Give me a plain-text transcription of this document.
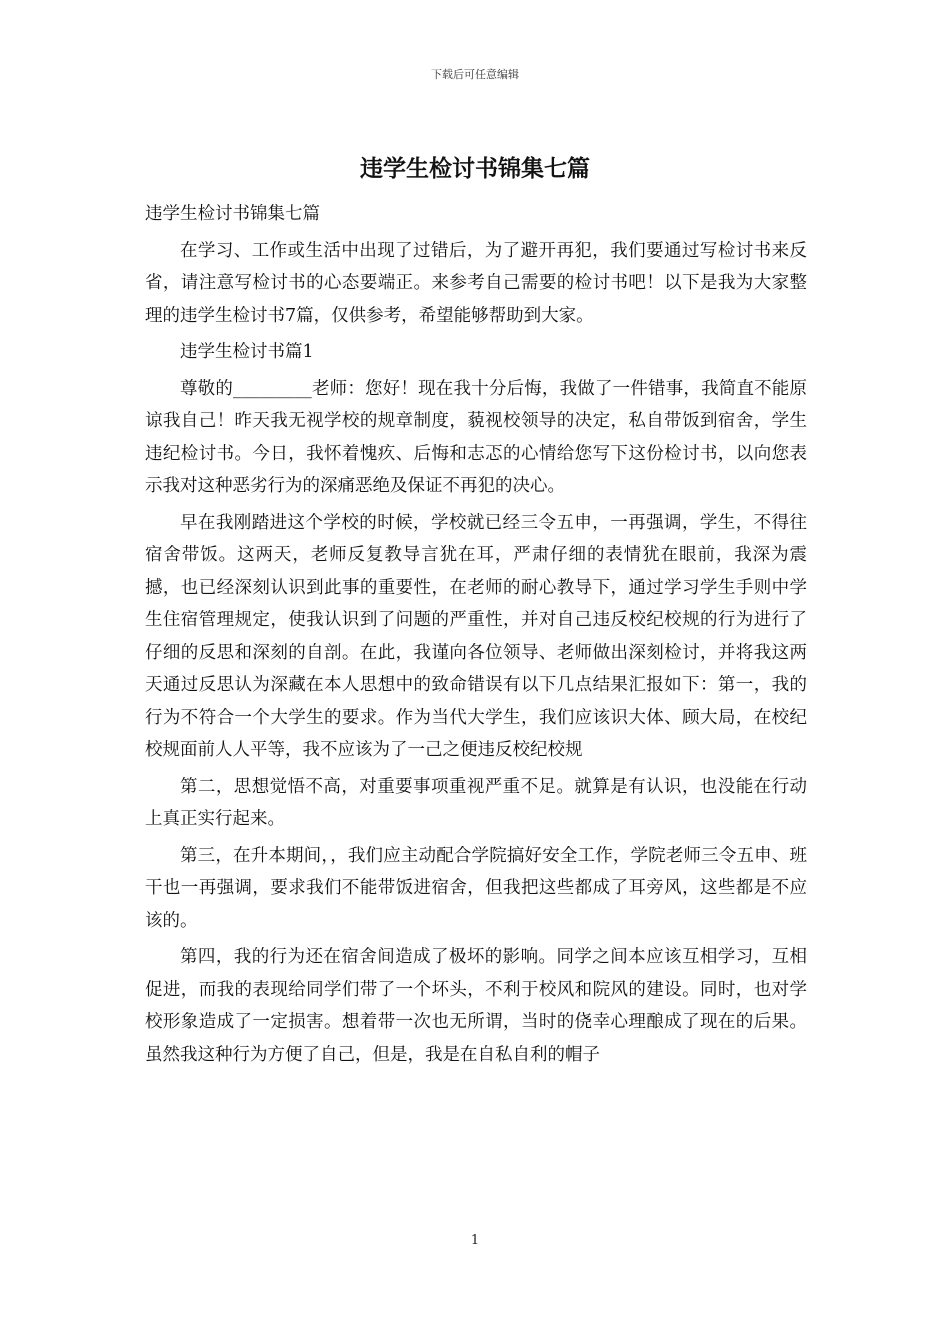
下载后可任意编辑
违学生检讨书锦集七篇

违学生检讨书锦集七篇

在学习、工作或生活中出现了过错后，为了避开再犯，我们要通过写检讨书来反省，请注意写检讨书的心态要端正。来参考自己需要的检讨书吧！以下是我为大家整理的违学生检讨书7篇，仅供参考，希望能够帮助到大家。

违学生检讨书篇1

尊敬的_________老师：您好！现在我十分后悔，我做了一件错事，我简直不能原谅我自己！昨天我无视学校的规章制度，藐视校领导的决定，私自带饭到宿舍，学生违纪检讨书。今日，我怀着愧疚、后悔和志忑的心情给您写下这份检讨书，以向您表示我对这种恶劣行为的深痛恶绝及保证不再犯的决心。

早在我刚踏进这个学校的时候，学校就已经三令五申，一再强调，学生，不得往宿舍带饭。这两天，老师反复教导言犹在耳，严肃仔细的表情犹在眼前，我深为震撼，也已经深刻认识到此事的重要性，在老师的耐心教导下，通过学习学生手则中学生住宿管理规定，使我认识到了问题的严重性，并对自己违反校纪校规的行为进行了仔细的反思和深刻的自剖。在此，我谨向各位领导、老师做出深刻检讨，并将我这两天通过反思认为深藏在本人思想中的致命错误有以下几点结果汇报如下：第一，我的行为不符合一个大学生的要求。作为当代大学生，我们应该识大体、顾大局，在校纪校规面前人人平等，我不应该为了一己之便违反校纪校规

第二，思想觉悟不高，对重要事项重视严重不足。就算是有认识，也没能在行动上真正实行起来。

第三，在升本期间，，我们应主动配合学院搞好安全工作，学院老师三令五申、班干也一再强调，要求我们不能带饭进宿舍，但我把这些都成了耳旁风，这些都是不应该的。

第四，我的行为还在宿舍间造成了极坏的影响。同学之间本应该互相学习，互相促进，而我的表现给同学们带了一个坏头，不利于校风和院风的建设。同时，也对学校形象造成了一定损害。想着带一次也无所谓，当时的侥幸心理酿成了现在的后果。虽然我这种行为方便了自己，但是，我是在自私自利的帽子

1
